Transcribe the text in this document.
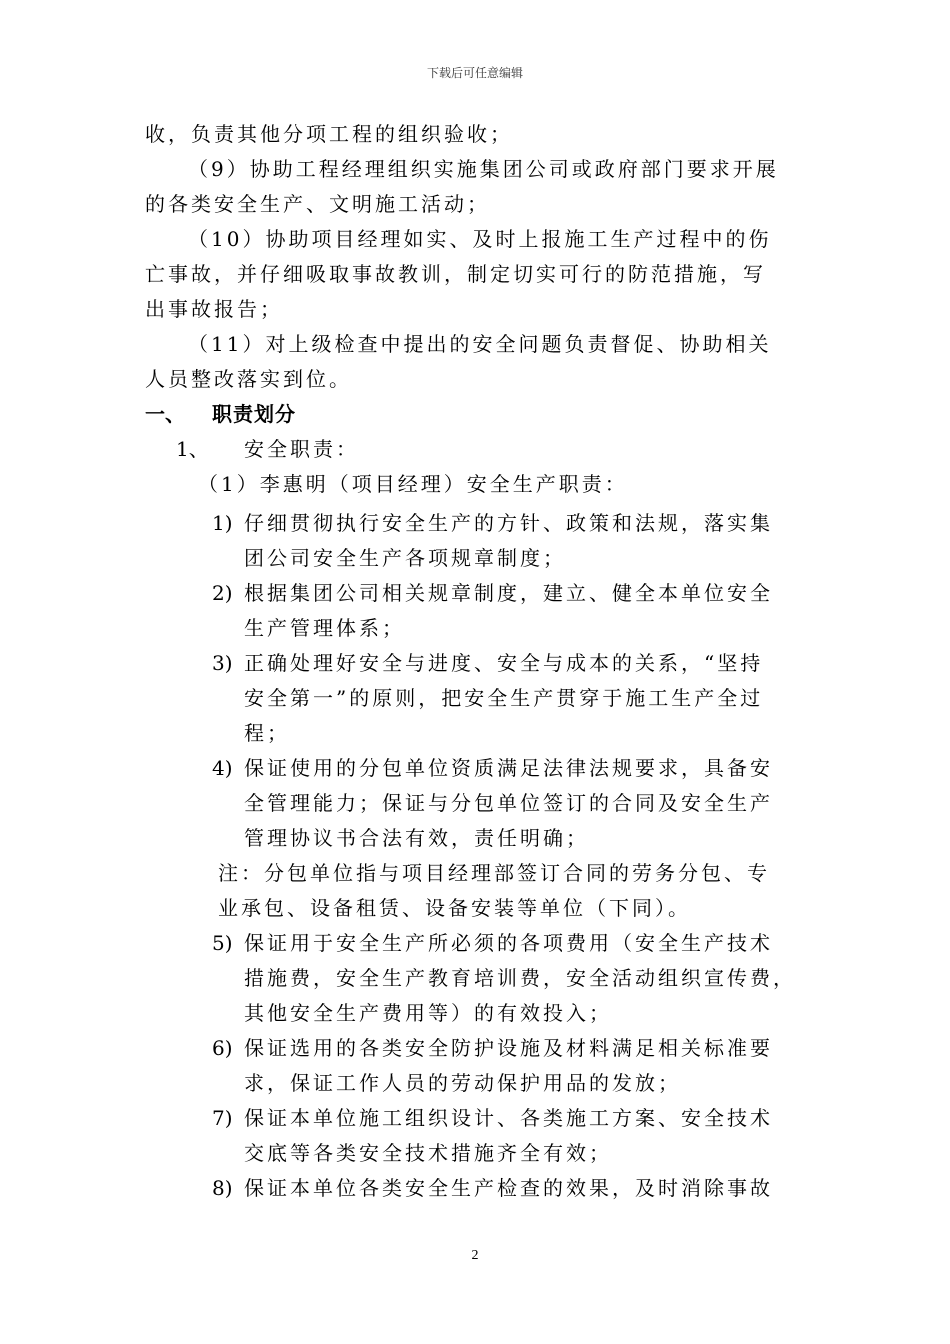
下载后可任意编辑
收，负责其他分项工程的组织验收；
（9）协助工程经理组织实施集团公司或政府部门要求开展
的各类安全生产、文明施工活动；
（10）协助项目经理如实、及时上报施工生产过程中的伤
亡事故，并仔细吸取事故教训，制定切实可行的防范措施，写
出事故报告；
（11）对上级检查中提出的安全问题负责督促、协助相关
人员整改落实到位。
一、 职责划分
1、 安全职责：
（1）李惠明（项目经理）安全生产职责：
1) 仔细贯彻执行安全生产的方针、政策和法规，落实集
团公司安全生产各项规章制度；
2) 根据集团公司相关规章制度，建立、健全本单位安全
生产管理体系；
3) 正确处理好安全与进度、安全与成本的关系，“坚持
安全第一”的原则，把安全生产贯穿于施工生产全过
程；
4) 保证使用的分包单位资质满足法律法规要求，具备安
全管理能力；保证与分包单位签订的合同及安全生产
管理协议书合法有效，责任明确；
注：分包单位指与项目经理部签订合同的劳务分包、专
业承包、设备租赁、设备安装等单位（下同）。
5) 保证用于安全生产所必须的各项费用（安全生产技术
措施费，安全生产教育培训费，安全活动组织宣传费，
其他安全生产费用等）的有效投入；
6) 保证选用的各类安全防护设施及材料满足相关标准要
求，保证工作人员的劳动保护用品的发放；
7) 保证本单位施工组织设计、各类施工方案、安全技术
交底等各类安全技术措施齐全有效；
8) 保证本单位各类安全生产检查的效果，及时消除事故
2
